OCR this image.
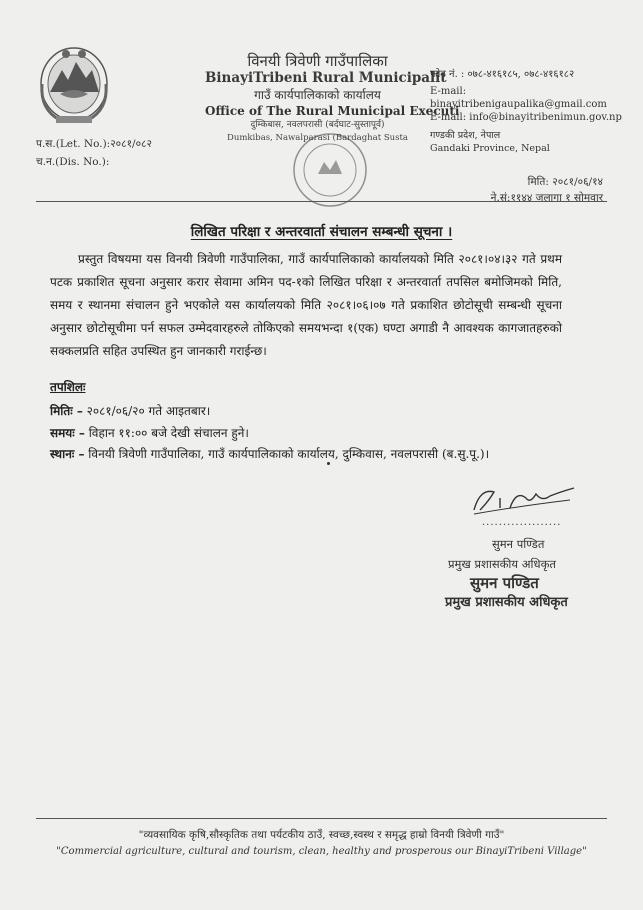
विनयी त्रिवेणी गाउँपालिका
BinayiTribeni Rural Municipalit
गाउँ कार्यपालिकाको कार्यालय
Office of The Rural Municipal Executi
दुम्किबास, नवलपरासी (बर्दघाट-सुस्तापूर्व)
Dumkibas, Nawalparasi (Bardaghat Susta
फोन नं. : ०७८-४१६१८५, ०७८-४१६१८२
E-mail:
binayitribenigaupalika@gmail.com
E-mail: info@binayitribenimun.gov.np
गण्डकी प्रदेश, नेपाल
Gandaki Province, Nepal
प.स.(Let. No.):२०८१/०८२
च.न.(Dis. No.):
मिति: २०८१/०६/१४
ने.सं:११४४ जलागा १ सोमवार
लिखित परिक्षा र अन्तरवार्ता संचालन सम्बन्धी सूचना ।
प्रस्तुत विषयमा यस विनयी त्रिवेणी गाउँपालिका, गाउँ कार्यपालिकाको कार्यालयको मिति २०८१।०४।३२ गते प्रथम पटक प्रकाशित सूचना अनुसार करार सेवामा अमिन पद-१को लिखित परिक्षा र अन्तरवार्ता तपसिल बमोजिमको मिति, समय र स्थानमा संचालन हुने भएकोले यस कार्यालयको मिति २०८१।०६।०७ गते प्रकाशित छोटोसूची सम्बन्धी सूचना अनुसार छोटोसूचीमा पर्न सफल उम्मेदवारहरुले तोकिएको समयभन्दा १(एक) घण्टा अगाडी नै आवश्यक कागजातहरुको सक्कलप्रति सहित उपस्थित हुन जानकारी गराईन्छ।
तपशिलः
मितिः – २०८१/०६/२० गते आइतबार।
समयः – विहान ११:०० बजे देखी संचालन हुने।
स्थानः – विनयी त्रिवेणी गाउँपालिका, गाउँ कार्यपालिकाको कार्यालय, दुम्किवास, नवलपरासी (ब.सु.पू.)।
...................
सुमन पण्डित
प्रमुख प्रशासकीय अधिकृत
सुमन पण्डित
प्रमुख प्रशासकीय अधिकृत
"व्यवसायिक कृषि,सौस्कृतिक तथा पर्यटकीय ठाउँ, स्वच्छ,स्वस्थ र समृद्ध हाम्रो विनयी त्रिवेणी गाउँ"
"Commercial agriculture, cultural and tourism, clean, healthy and prosperous our BinayiTribeni Village"
